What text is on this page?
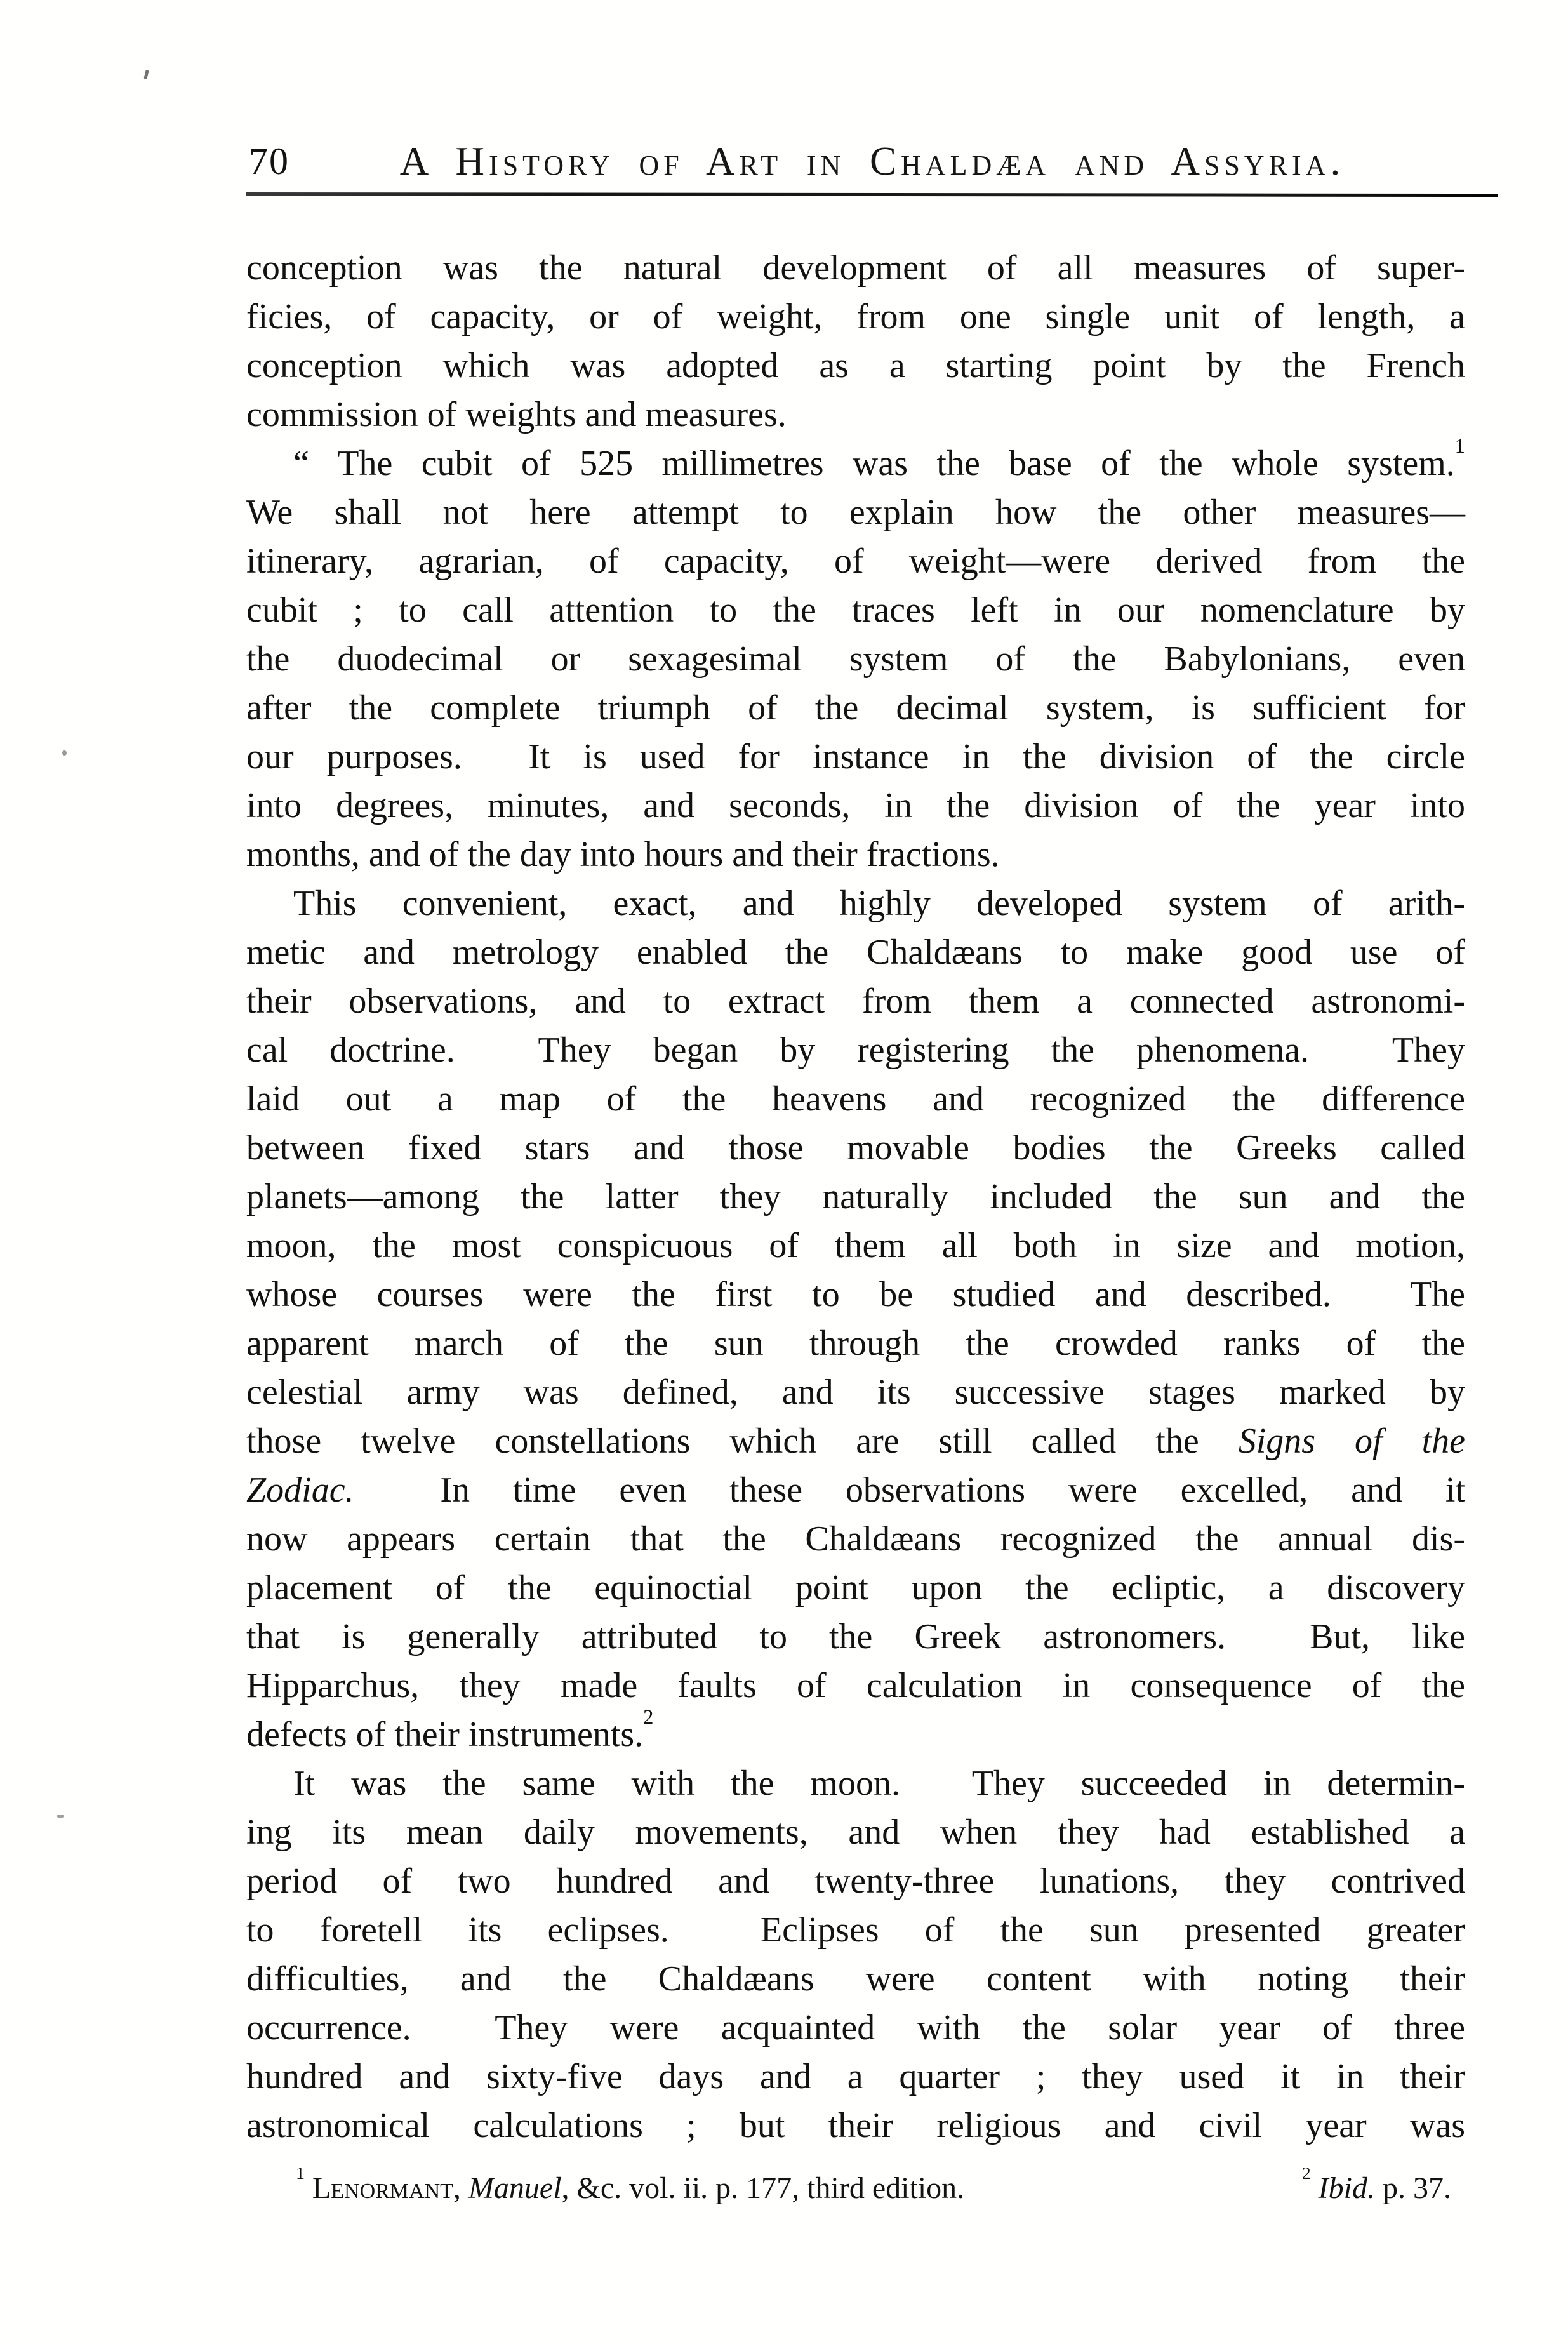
70	A History of Art in Chaldæa and Assyria.
conception was the natural development of all measures of super-
ficies, of capacity, or of weight, from one single unit of length, a
conception which was adopted as a starting point by the French
commission of weights and measures.
“ The cubit of 525 millimetres was the base of the whole system.$^1$
We shall not here attempt to explain how the other measures—
itinerary, agrarian, of capacity, of weight—were derived from the
cubit ; to call attention to the traces left in our nomenclature by
the duodecimal or sexagesimal system of the Babylonians, even
after the complete triumph of the decimal system, is sufficient for
our purposes.  It is used for instance in the division of the circle
into degrees, minutes, and seconds, in the division of the year into
months, and of the day into hours and their fractions.
This convenient, exact, and highly developed system of arith-
metic and metrology enabled the Chaldæans to make good use of
their observations, and to extract from them a connected astronomi-
cal doctrine.  They began by registering the phenomena.  They
laid out a map of the heavens and recognized the difference
between fixed stars and those movable bodies the Greeks called
planets—among the latter they naturally included the sun and the
moon, the most conspicuous of them all both in size and motion,
whose courses were the first to be studied and described.  The
apparent march of the sun through the crowded ranks of the
celestial army was defined, and its successive stages marked by
those twelve constellations which are still called the Signs of the
Zodiac.  In time even these observations were excelled, and it
now appears certain that the Chaldæans recognized the annual dis-
placement of the equinoctial point upon the ecliptic, a discovery
that is generally attributed to the Greek astronomers.  But, like
Hipparchus, they made faults of calculation in consequence of the
defects of their instruments.$^2$
It was the same with the moon.  They succeeded in determin-
ing its mean daily movements, and when they had established a
period of two hundred and twenty-three lunations, they contrived
to foretell its eclipses.  Eclipses of the sun presented greater
difficulties, and the Chaldæans were content with noting their
occurrence.  They were acquainted with the solar year of three
hundred and sixty-five days and a quarter ; they used it in their
astronomical calculations ; but their religious and civil year was
$^1$ Lenormant, Manuel, &c. vol. ii. p. 177, third edition.	$^2$ Ibid. p. 37.
